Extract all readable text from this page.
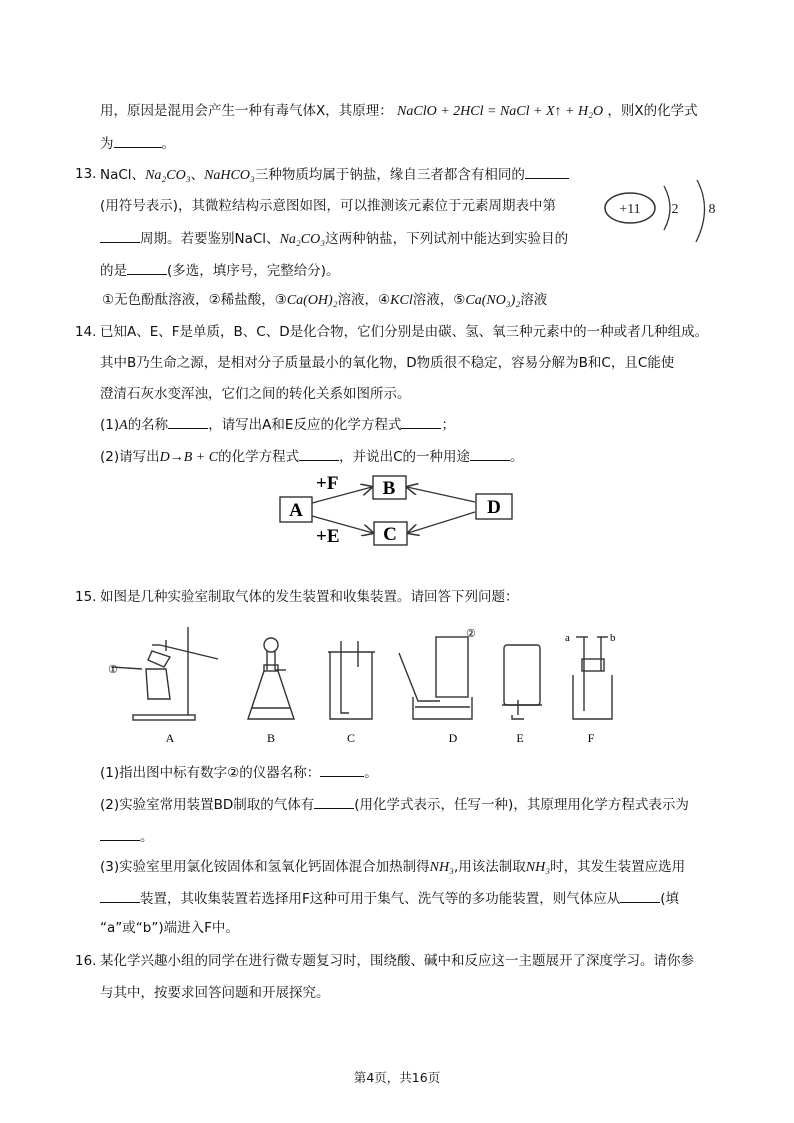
用，原因是混用会产生一种有毒气体X，其原理： NaClO + 2HCl = NaCl + X↑ + H₂O ，则X的化学式
为	。
13. NaCl、Na₂CO₃、NaHCO₃三种物质均属于钠盐，缘自三者都含有相同的
(用符号表示)，其微粒结构示意图如图，可以推测该元素位于元素周期表中第
周期。若要鉴别NaCl、Na₂CO₃这两种钠盐，下列试剂中能达到实验目的
的是	(多选，填序号，完整给分)。
①无色酚酞溶液，②稀盐酸，③Ca(OH)₂溶液，④KCl溶液，⑤Ca(NO₃)₂溶液
+11 2 8
14. 已知A、E、F是单质，B、C、D是化合物，它们分别是由碳、氢、氧三种元素中的一种或者几种组成。
其中B乃生命之源，是相对分子质量最小的氧化物，D物质很不稳定，容易分解为B和C，且C能使
澄清石灰水变浑浊，它们之间的转化关系如图所示。
(1)A的名称	，请写出A和E反应的化学方程式	；
(2)请写出D→B + C的化学方程式	，并说出C的一种用途	。
A
B
C
D
+F
+E
15. 如图是几种实验室制取气体的发生装置和收集装置。请回答下列问题：
①
②	a	b
A	B	C	D	E	F
(1)指出图中标有数字②的仪器名称：	。
(2)实验室常用装置BD制取的气体有	(用化学式表示，任写一种)，其原理用化学方程式表示为
。
(3)实验室里用氯化铵固体和氢氧化钙固体混合加热制得NH₃,用该法制取NH₃时，其发生装置应选用
装置，其收集装置若选择用F这种可用于集气、洗气等的多功能装置，则气体应从	(填
“a”或“b”)端进入F中。
16. 某化学兴趣小组的同学在进行微专题复习时，围绕酸、碱中和反应这一主题展开了深度学习。请你参
与其中，按要求回答问题和开展探究。
第4页，共16页
